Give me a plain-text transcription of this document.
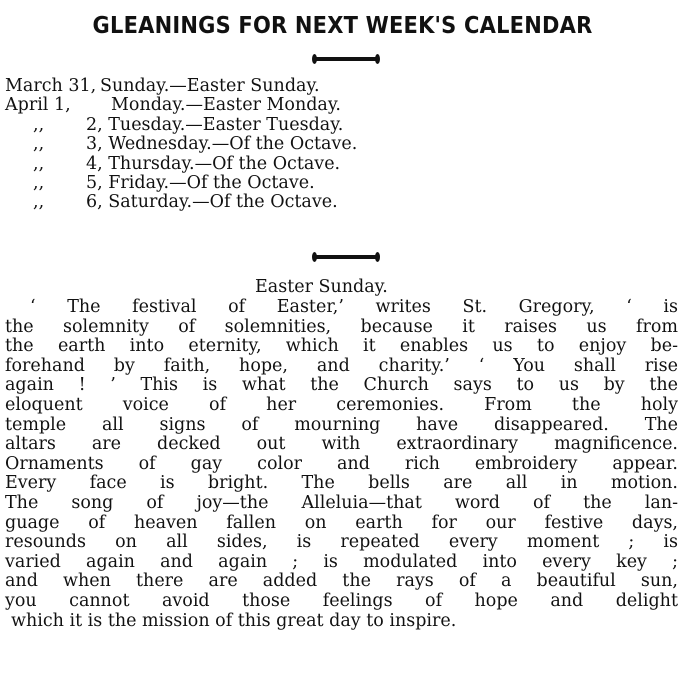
GLEANINGS FOR NEXT WEEK'S CALENDAR
March 31, Sunday.—Easter Sunday.
April 1, Monday.—Easter Monday.
,, 2, Tuesday.—Easter Tuesday.
,, 3, Wednesday.—Of the Octave.
,, 4, Thursday.—Of the Octave.
,, 5, Friday.—Of the Octave.
,, 6, Saturday.—Of the Octave.
Easter Sunday.
‘ The festival of Easter,’ writes St. Gregory, ‘ is
the solemnity of solemnities, because it raises us from
the earth into eternity, which it enables us to enjoy be-
forehand by faith, hope, and charity.’ ‘ You shall rise
again ! ’ This is what the Church says to us by the
eloquent voice of her ceremonies. From the holy
temple all signs of mourning have disappeared. The
altars are decked out with extraordinary magnificence.
Ornaments of gay color and rich embroidery appear.
Every face is bright. The bells are all in motion.
The song of joy—the Alleluia—that word of the lan-
guage of heaven fallen on earth for our festive days,
resounds on all sides, is repeated every moment ; is
varied again and again ; is modulated into every key ;
and when there are added the rays of a beautiful sun,
you cannot avoid those feelings of hope and delight
which it is the mission of this great day to inspire.
